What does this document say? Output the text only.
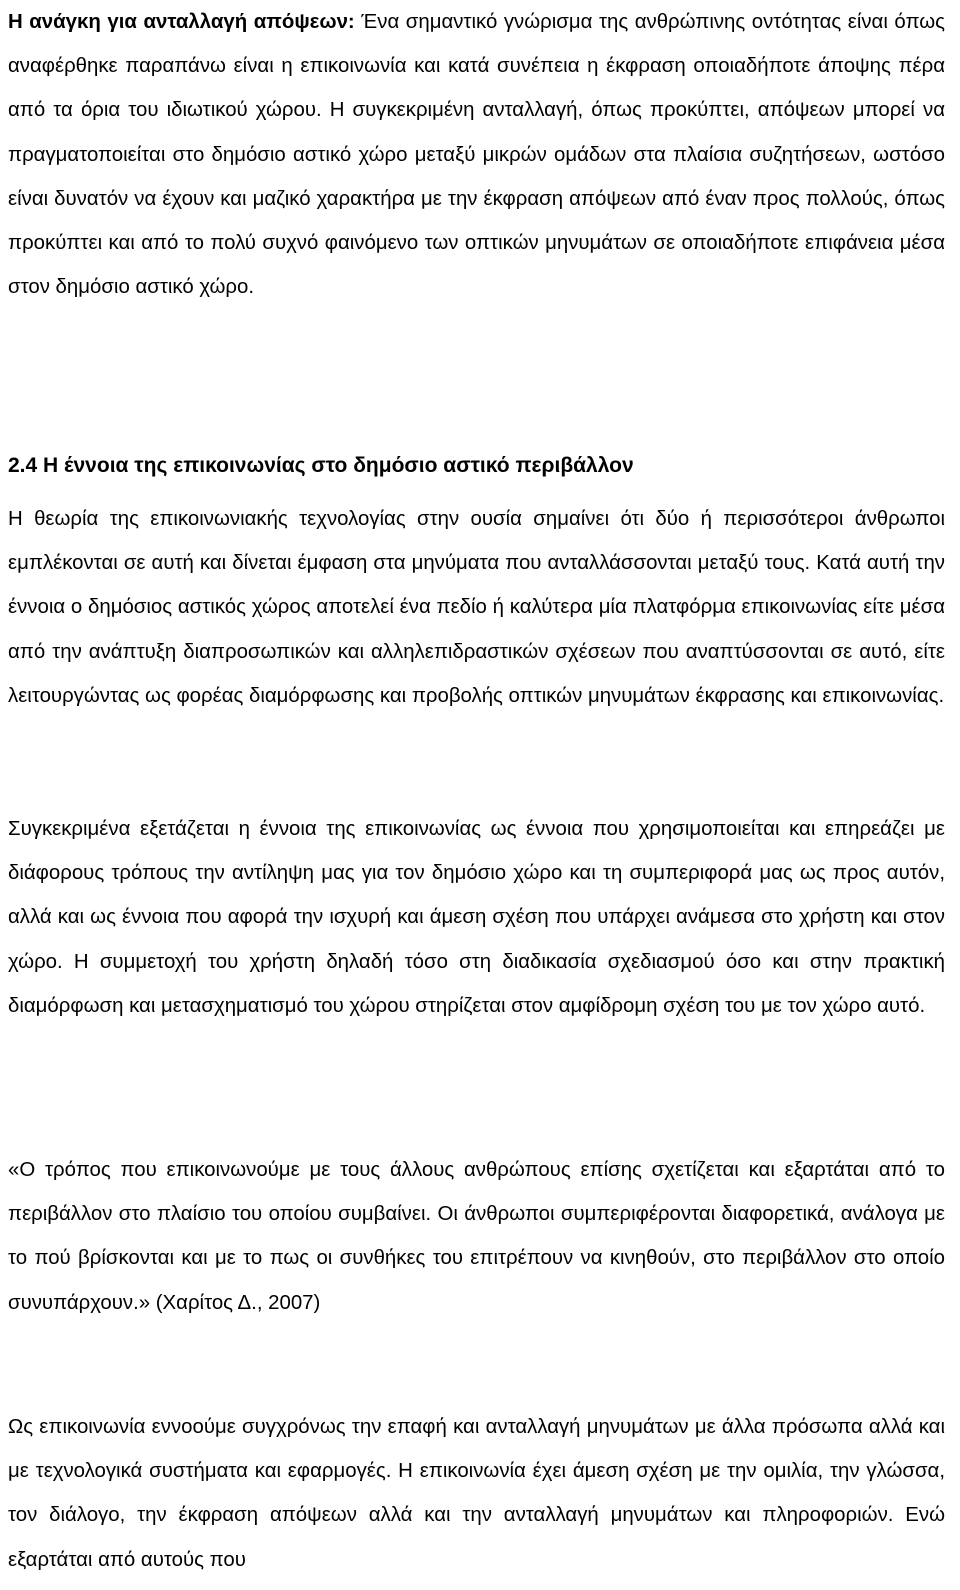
Η ανάγκη για ανταλλαγή απόψεων: Ένα σημαντικό γνώρισμα της ανθρώπινης οντότητας είναι όπως αναφέρθηκε παραπάνω είναι η επικοινωνία και κατά συνέπεια η έκφραση οποιαδήποτε άποψης πέρα από τα όρια του ιδιωτικού χώρου. Η συγκεκριμένη ανταλλαγή, όπως προκύπτει, απόψεων μπορεί να πραγματοποιείται στο δημόσιο αστικό χώρο μεταξύ μικρών ομάδων στα πλαίσια συζητήσεων, ωστόσο είναι δυνατόν να έχουν και μαζικό χαρακτήρα με την έκφραση απόψεων από έναν προς πολλούς, όπως προκύπτει και από το πολύ συχνό φαινόμενο των οπτικών μηνυμάτων σε οποιαδήποτε επιφάνεια μέσα στον δημόσιο αστικό χώρο.

2.4 Η έννοια της επικοινωνίας στο δημόσιο αστικό περιβάλλον

Η θεωρία της επικοινωνιακής τεχνολογίας στην ουσία σημαίνει ότι δύο ή περισσότεροι άνθρωποι εμπλέκονται σε αυτή και δίνεται έμφαση στα μηνύματα που ανταλλάσσονται μεταξύ τους. Κατά αυτή την έννοια ο δημόσιος αστικός χώρος αποτελεί ένα πεδίο ή καλύτερα μία πλατφόρμα επικοινωνίας είτε μέσα από την ανάπτυξη διαπροσωπικών και αλληλεπιδραστικών σχέσεων που αναπτύσσονται σε αυτό, είτε λειτουργώντας ως φορέας διαμόρφωσης και προβολής οπτικών μηνυμάτων έκφρασης και επικοινωνίας.

Συγκεκριμένα εξετάζεται η έννοια της επικοινωνίας ως έννοια που χρησιμοποιείται και επηρεάζει με διάφορους τρόπους την αντίληψη μας για τον δημόσιο χώρο και τη συμπεριφορά μας ως προς αυτόν, αλλά και ως έννοια που αφορά την ισχυρή και άμεση σχέση που υπάρχει ανάμεσα στο χρήστη και στον χώρο. Η συμμετοχή του χρήστη δηλαδή τόσο στη διαδικασία σχεδιασμού όσο και στην πρακτική διαμόρφωση και μετασχηματισμό του χώρου στηρίζεται στον αμφίδρομη σχέση του με τον χώρο αυτό.

«Ο τρόπος που επικοινωνούμε με τους άλλους ανθρώπους επίσης σχετίζεται και εξαρτάται από το περιβάλλον στο πλαίσιο του οποίου συμβαίνει. Οι άνθρωποι συμπεριφέρονται διαφορετικά, ανάλογα με το πού βρίσκονται και με το πως οι συνθήκες του επιτρέπουν να κινηθούν, στο περιβάλλον στο οποίο συνυπάρχουν.» (Χαρίτος Δ., 2007)

Ως επικοινωνία εννοούμε συγχρόνως την επαφή και ανταλλαγή μηνυμάτων με άλλα πρόσωπα αλλά και με τεχνολογικά συστήματα και εφαρμογές. Η επικοινωνία έχει άμεση σχέση με την ομιλία, την γλώσσα, τον διάλογο, την έκφραση απόψεων αλλά και την ανταλλαγή μηνυμάτων και πληροφοριών. Ενώ εξαρτάται από αυτούς που
